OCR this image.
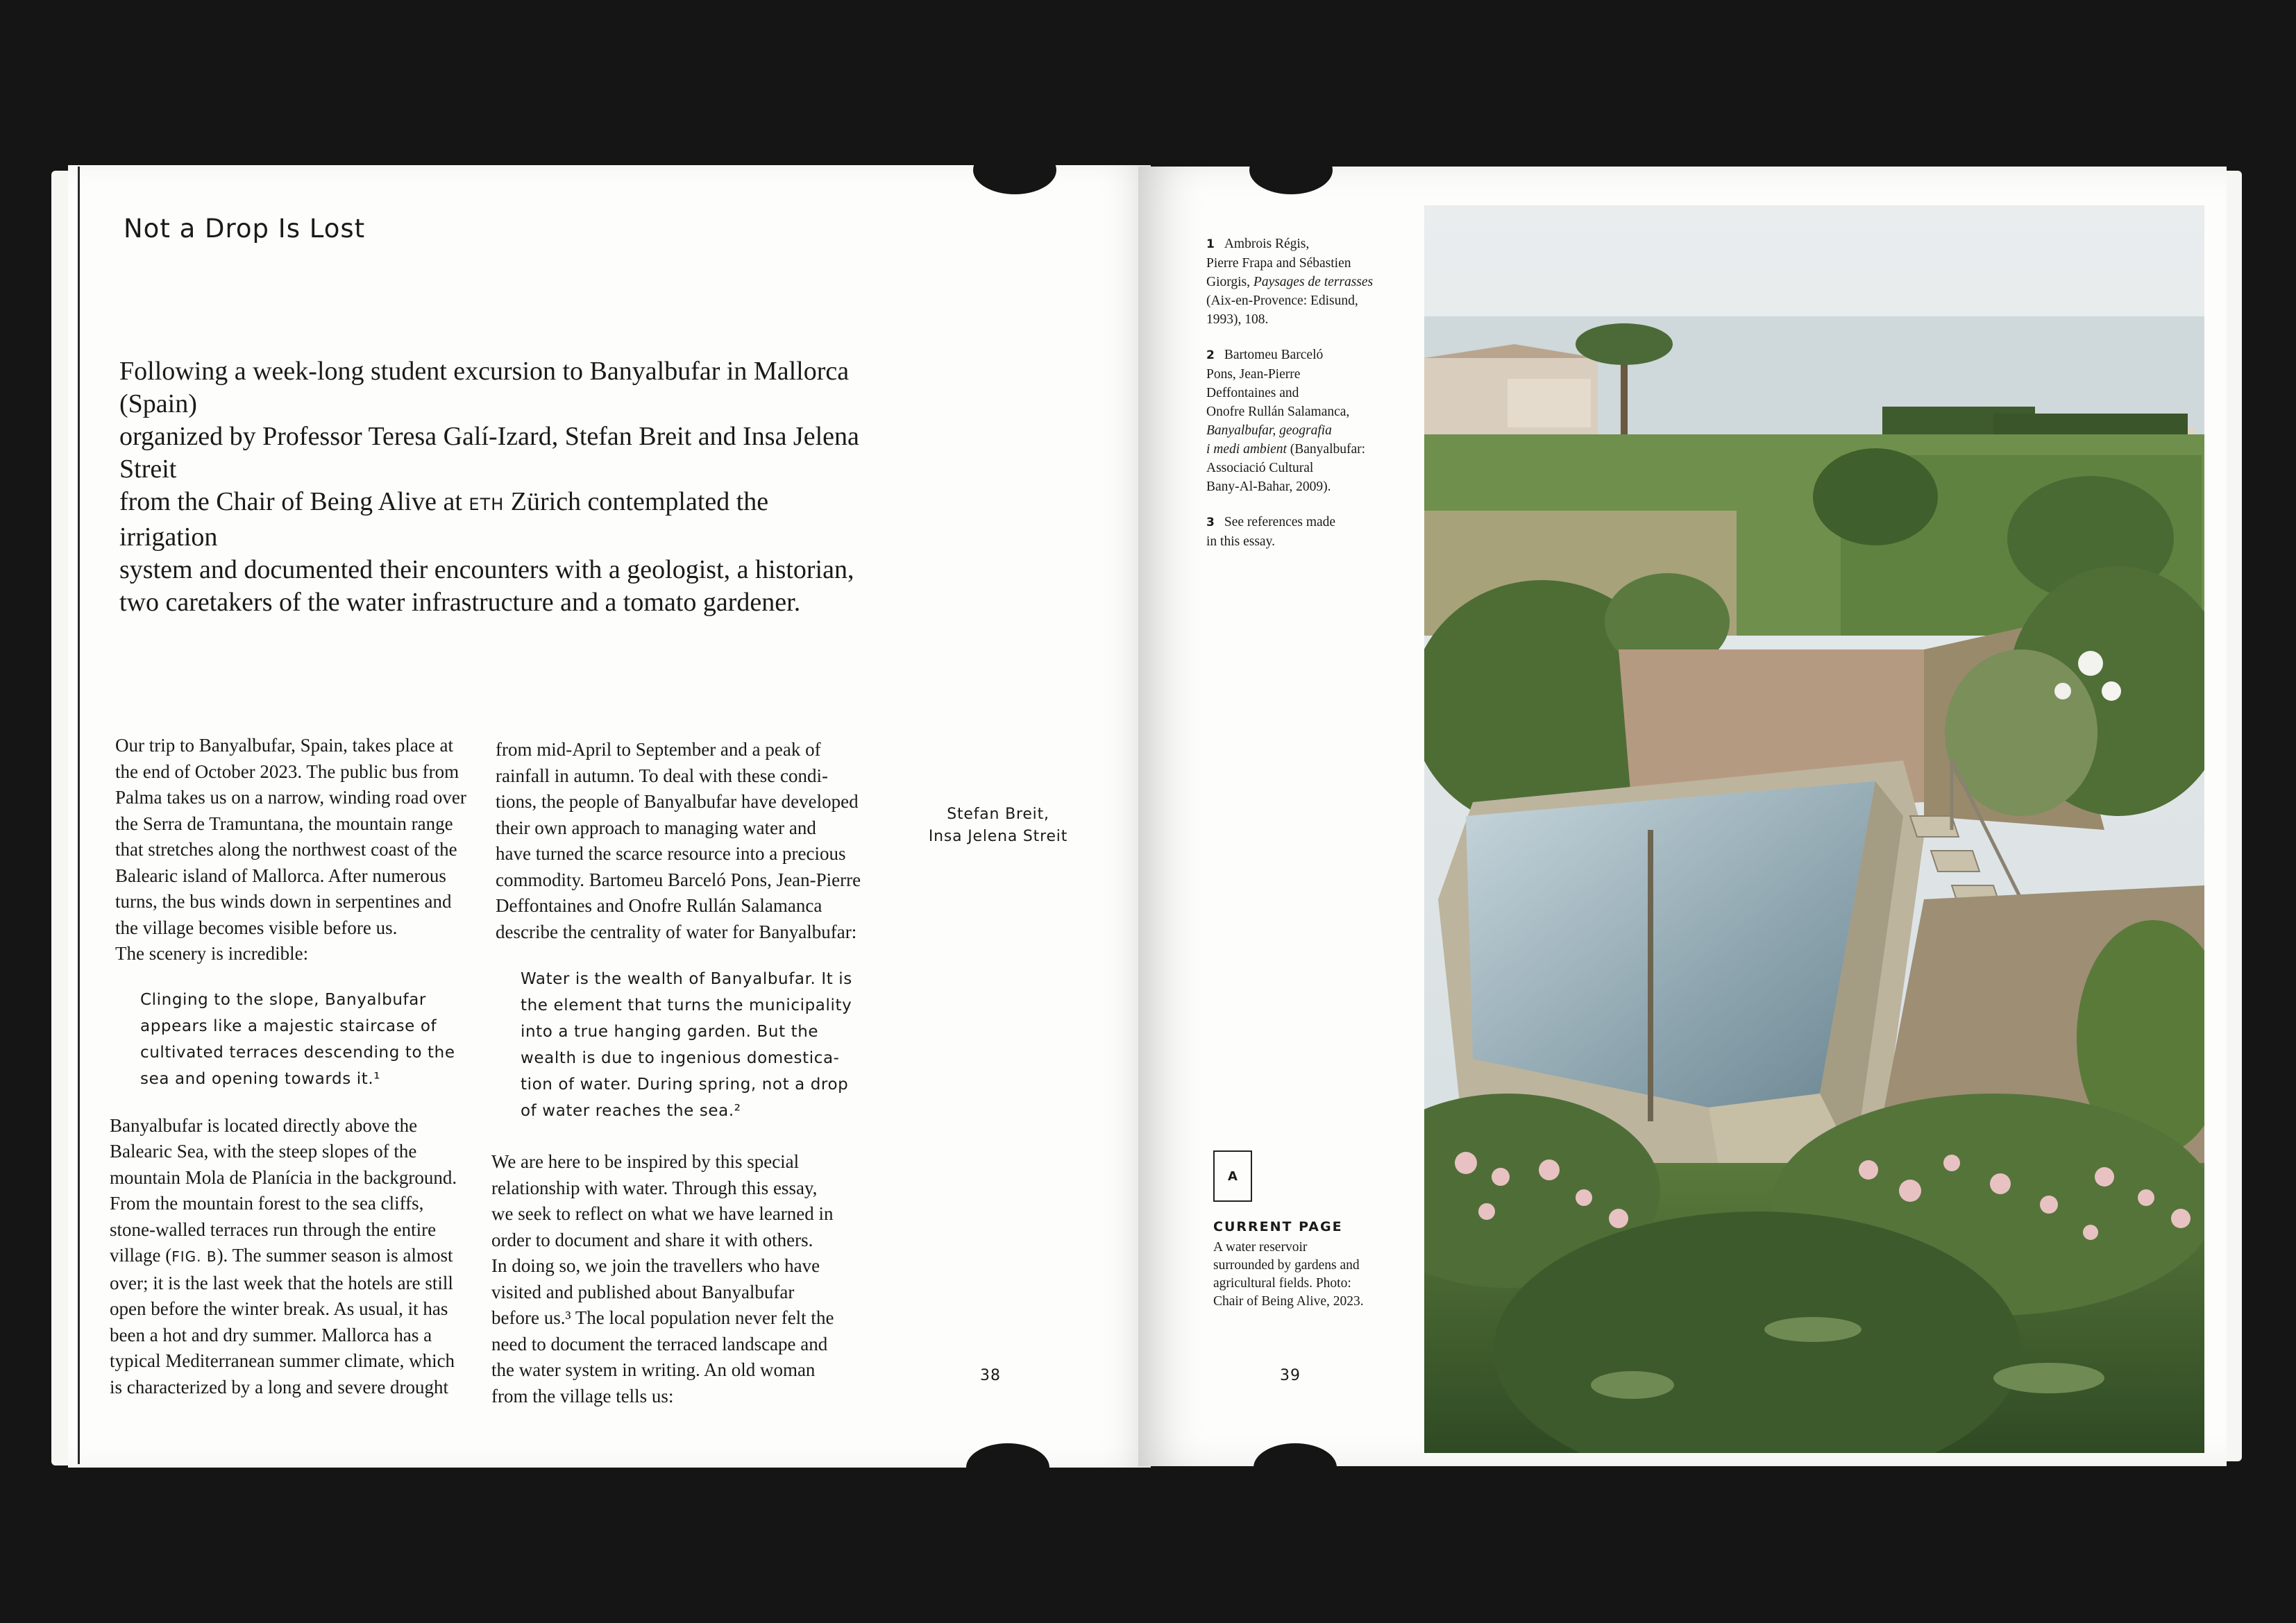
Not a Drop Is Lost
Following a week-long student excursion to Banyalbufar in Mallorca (Spain)
organized by Professor Teresa Galí-Izard, Stefan Breit and Insa Jelena Streit
from the Chair of Being Alive at ETH Zürich contemplated the irrigation
system and documented their encounters with a geologist, a historian,
two caretakers of the water infrastructure and a tomato gardener.

Our trip to Banyalbufar, Spain, takes place at

the end of October 2023. The public bus from

Palma takes us on a narrow, winding road over

the Serra de Tramuntana, the mountain range

that stretches along the northwest coast of the

Balearic island of Mallorca. After numerous

turns, the bus winds down in serpentines and

the village becomes visible before us.

The scenery is incredible:

Clinging to the slope, Banyalbufar

appears like a majestic staircase of

cultivated terraces descending to the

sea and opening towards it.¹

Banyalbufar is located directly above the

Balearic Sea, with the steep slopes of the

mountain Mola de Planícia in the background.

From the mountain forest to the sea cliffs,

stone-walled terraces run through the entire

village (FIG. B). The summer season is almost

over; it is the last week that the hotels are still

open before the winter break. As usual, it has

been a hot and dry summer. Mallorca has a

typical Mediterranean summer climate, which

is characterized by a long and severe drought

from mid-April to September and a peak of

rainfall in autumn. To deal with these condi-

tions, the people of Banyalbufar have developed

their own approach to managing water and

have turned the scarce resource into a precious

commodity. Bartomeu Barceló Pons, Jean-Pierre

Deffontaines and Onofre Rullán Salamanca

describe the centrality of water for Banyalbufar:

Water is the wealth of Banyalbufar. It is

the element that turns the municipality

into a true hanging garden. But the

wealth is due to ingenious domestica-

tion of water. During spring, not a drop

of water reaches the sea.²

We are here to be inspired by this special

relationship with water. Through this essay,

we seek to reflect on what we have learned in

order to document and share it with others.

In doing so, we join the travellers who have

visited and published about Banyalbufar

before us.³ The local population never felt the

need to document the terraced landscape and

the water system in writing. An old woman

from the village tells us:

Stefan Breit,
Insa Jelena Streit
38
1 Ambrois Régis,
Pierre Frapa and Sébastien
Giorgis, Paysages de terrasses
(Aix-en-Provence: Edisund,
1993), 108.
2 Bartomeu Barceló
Pons, Jean-Pierre
Deffontaines and
Onofre Rullán Salamanca,
Banyalbufar, geografia
i medi ambient (Banyalbufar:
Associació Cultural
Bany-Al-Bahar, 2009).
3 See references made
in this essay.
A
CURRENT PAGE
A water reservoir
surrounded by gardens and
agricultural fields. Photo:
Chair of Being Alive, 2023.
39
